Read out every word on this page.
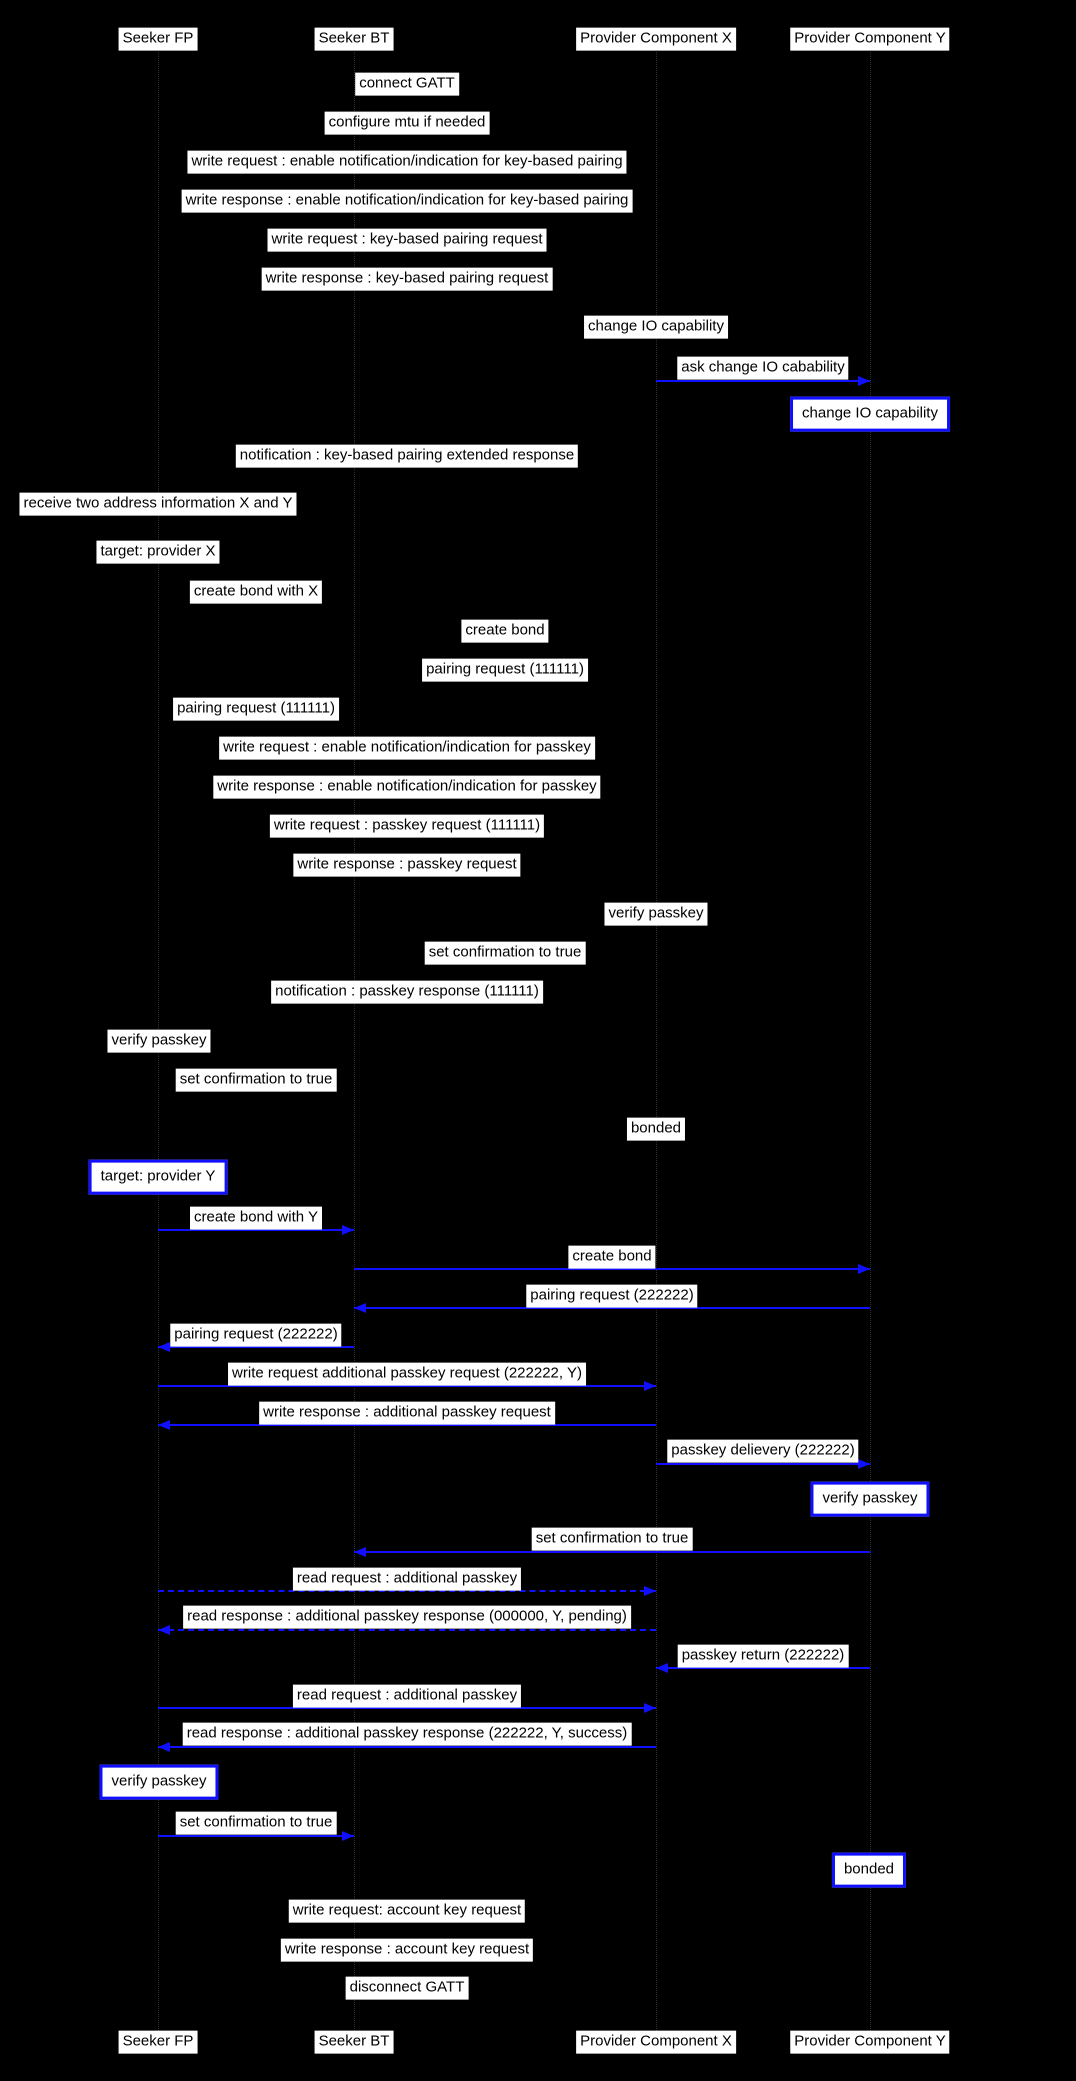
Seeker FP
Seeker FP
Seeker BT
Seeker BT
Provider Component X
Provider Component X
Provider Component Y
Provider Component Y
connect GATT
configure mtu if needed
write request : enable notification/indication for key-based pairing
write response : enable notification/indication for key-based pairing
write request : key-based pairing request
write response : key-based pairing request
change IO capability
ask change IO cabability
change IO capability
notification : key-based pairing extended response
receive two address information X and Y
target: provider X
create bond with X
create bond
pairing request (111111)
pairing request (111111)
write request : enable notification/indication for passkey
write response : enable notification/indication for passkey
write request : passkey request (111111)
write response : passkey request
verify passkey
set confirmation to true
notification : passkey response (111111)
verify passkey
set confirmation to true
bonded
target: provider Y
create bond with Y
create bond
pairing request (222222)
pairing request (222222)
write request additional passkey request (222222, Y)
write response : additional passkey request
passkey delievery (222222)
verify passkey
set confirmation to true
read request : additional passkey
read response : additional passkey response (000000, Y, pending)
passkey return (222222)
read request : additional passkey
read response : additional passkey response (222222, Y, success)
verify passkey
set confirmation to true
bonded
write request: account key request
write response : account key request
disconnect GATT
